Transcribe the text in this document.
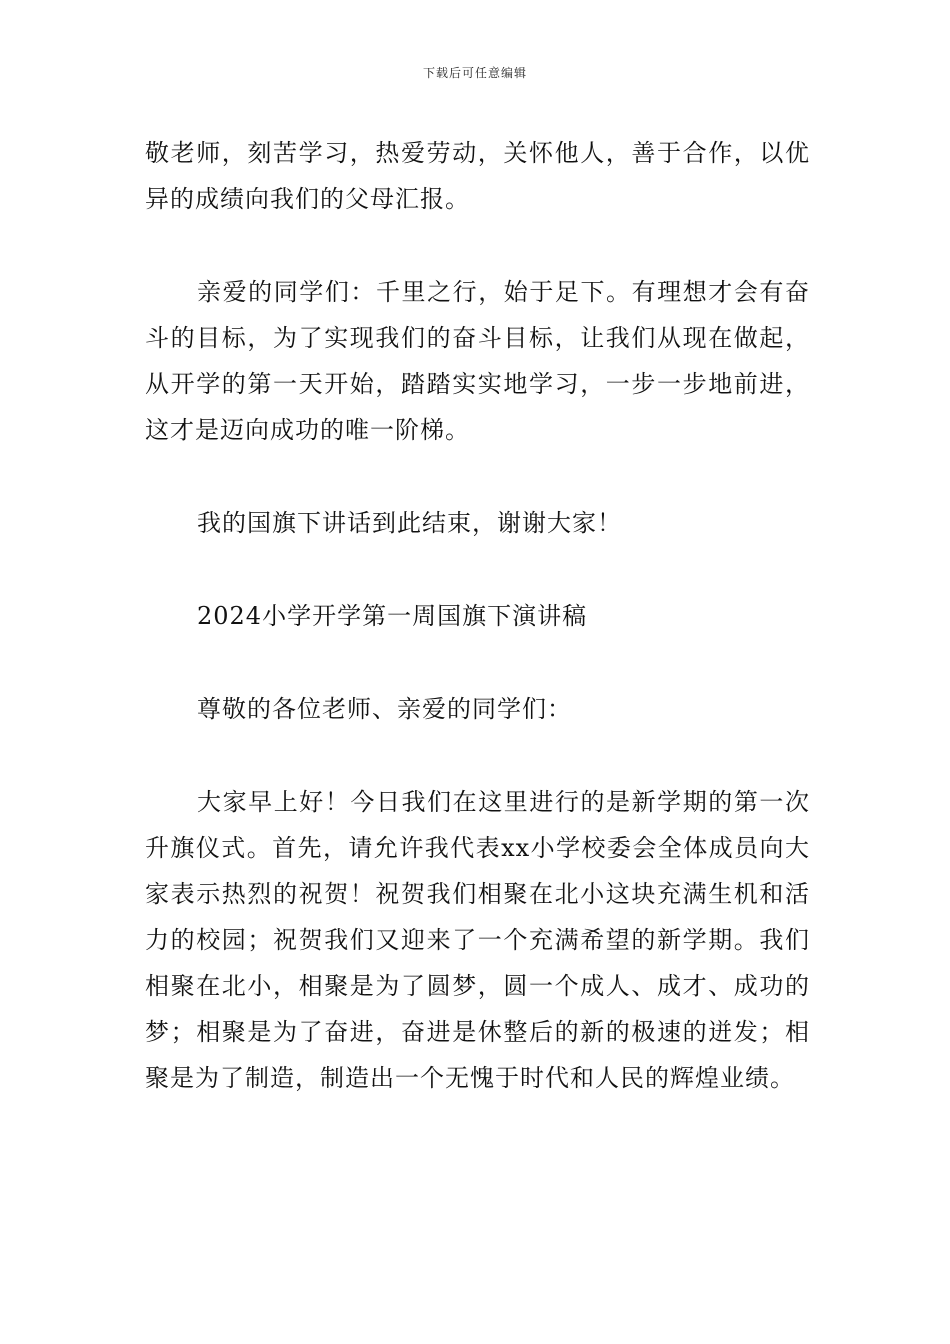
下载后可任意编辑

敬老师，刻苦学习，热爱劳动，关怀他人，善于合作，以优异的成绩向我们的父母汇报。

亲爱的同学们：千里之行，始于足下。有理想才会有奋斗的目标，为了实现我们的奋斗目标，让我们从现在做起，从开学的第一天开始，踏踏实实地学习，一步一步地前进，这才是迈向成功的唯一阶梯。

我的国旗下讲话到此结束，谢谢大家！

2024小学开学第一周国旗下演讲稿

尊敬的各位老师、亲爱的同学们：

大家早上好！今日我们在这里进行的是新学期的第一次升旗仪式。首先，请允许我代表xx小学校委会全体成员向大家表示热烈的祝贺！祝贺我们相聚在北小这块充满生机和活力的校园；祝贺我们又迎来了一个充满希望的新学期。我们相聚在北小，相聚是为了圆梦，圆一个成人、成才、成功的梦；相聚是为了奋进，奋进是休整后的新的极速的迸发；相聚是为了制造，制造出一个无愧于时代和人民的辉煌业绩。
